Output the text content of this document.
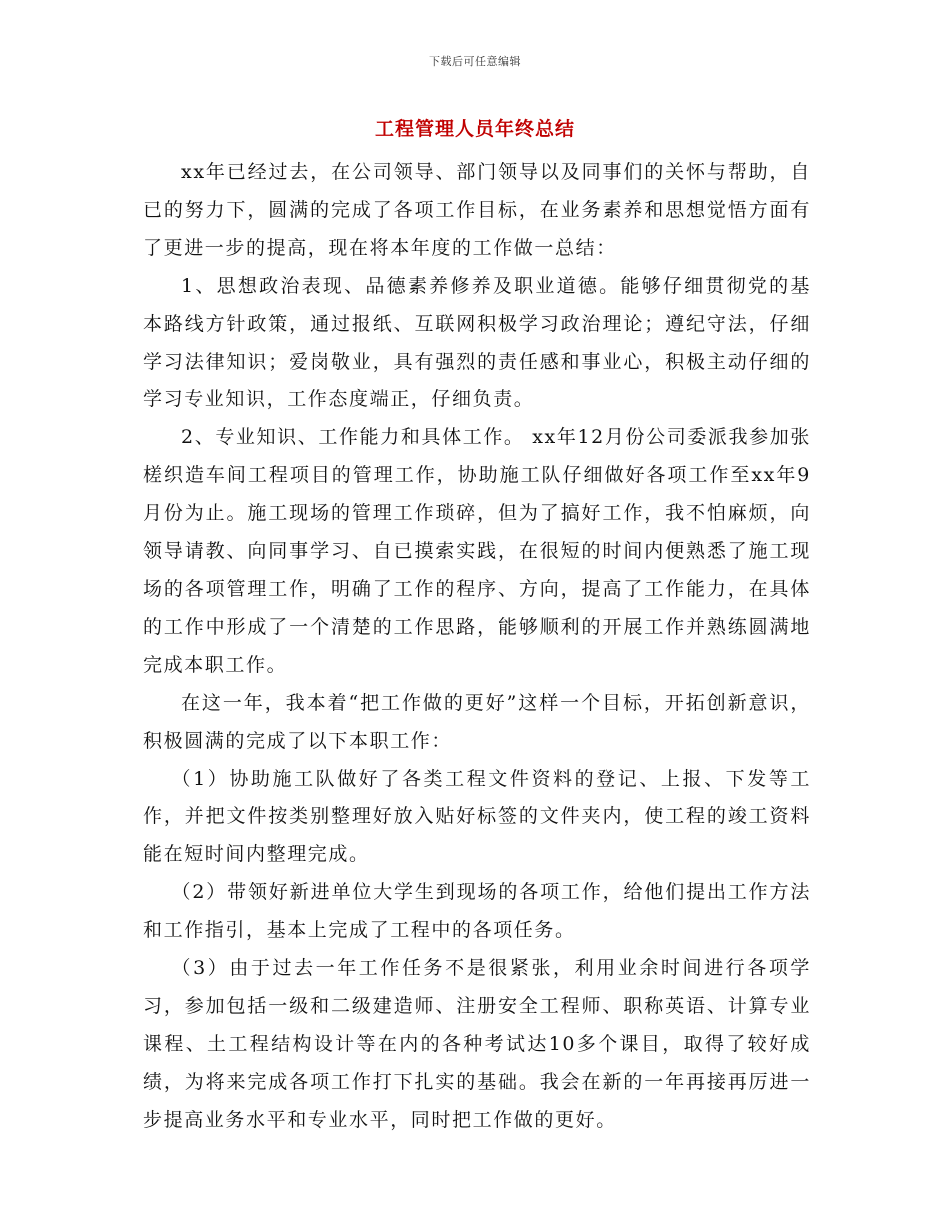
下载后可任意编辑
工程管理人员年终总结

xx年已经过去，在公司领导、部门领导以及同事们的关怀与帮助，自已的努力下，圆满的完成了各项工作目标，在业务素养和思想觉悟方面有了更进一步的提高，现在将本年度的工作做一总结：

1、思想政治表现、品德素养修养及职业道德。能够仔细贯彻党的基本路线方针政策，通过报纸、互联网积极学习政治理论；遵纪守法，仔细学习法律知识；爱岗敬业，具有强烈的责任感和事业心，积极主动仔细的学习专业知识，工作态度端正，仔细负责。

2、专业知识、工作能力和具体工作。 xx年12月份公司委派我参加张槎织造车间工程项目的管理工作，协助施工队仔细做好各项工作至xx年9月份为止。施工现场的管理工作琐碎，但为了搞好工作，我不怕麻烦，向领导请教、向同事学习、自已摸索实践，在很短的时间内便熟悉了施工现场的各项管理工作，明确了工作的程序、方向，提高了工作能力，在具体的工作中形成了一个清楚的工作思路，能够顺利的开展工作并熟练圆满地完成本职工作。

在这一年，我本着“把工作做的更好”这样一个目标，开拓创新意识，积极圆满的完成了以下本职工作：

（1）协助施工队做好了各类工程文件资料的登记、上报、下发等工作，并把文件按类别整理好放入贴好标签的文件夹内，使工程的竣工资料能在短时间内整理完成。

（2）带领好新进单位大学生到现场的各项工作，给他们提出工作方法和工作指引，基本上完成了工程中的各项任务。

（3）由于过去一年工作任务不是很紧张，利用业余时间进行各项学习，参加包括一级和二级建造师、注册安全工程师、职称英语、计算专业课程、土工程结构设计等在内的各种考试达10多个课目，取得了较好成绩，为将来完成各项工作打下扎实的基础。我会在新的一年再接再厉进一步提高业务水平和专业水平，同时把工作做的更好。
